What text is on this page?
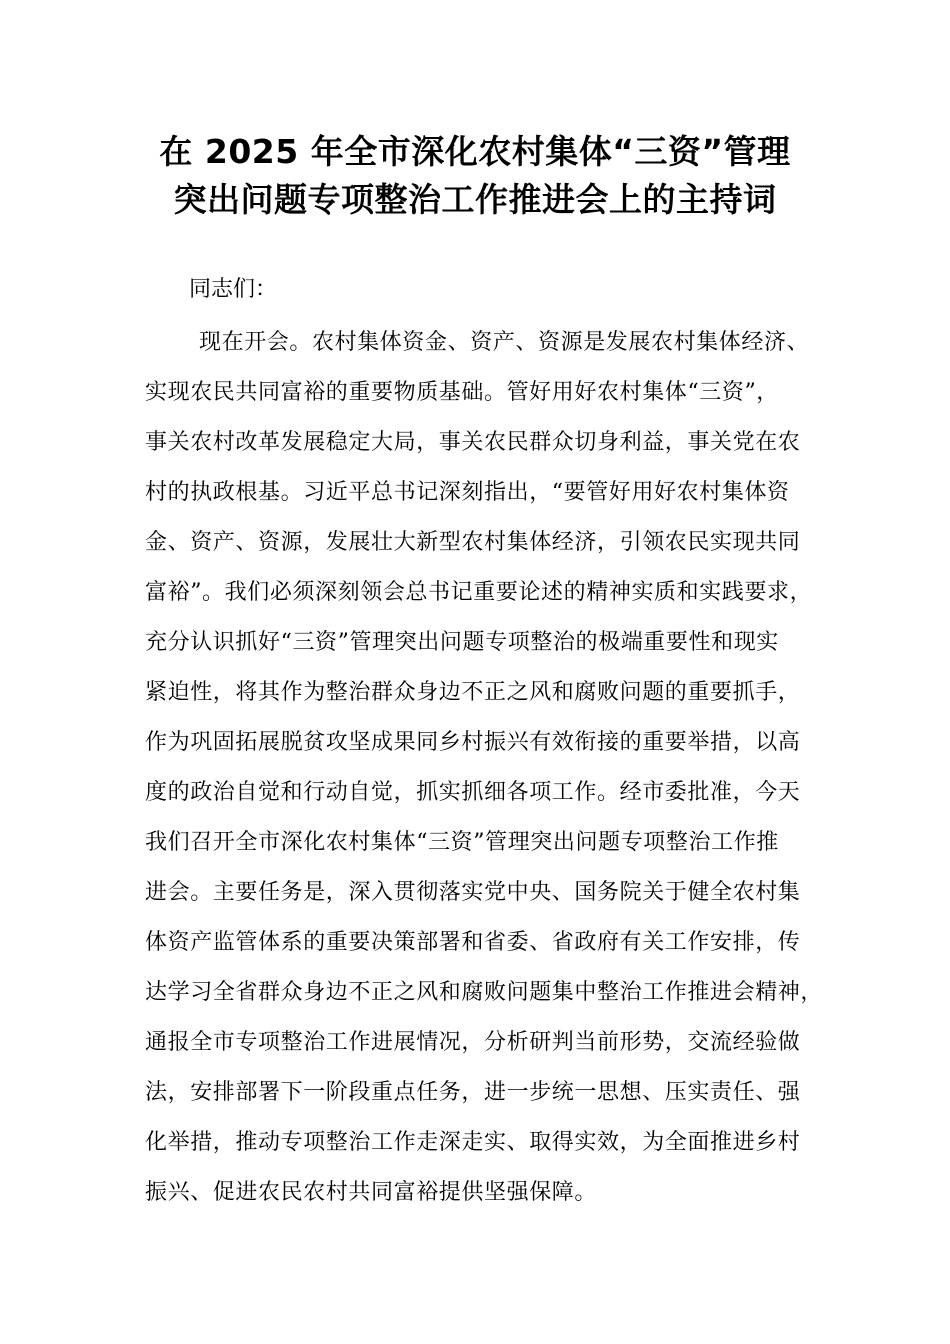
在 2025 年全市深化农村集体“三资”管理
突出问题专项整治工作推进会上的主持词

同志们：

现在开会。农村集体资金、资产、资源是发展农村集体经济、
实现农民共同富裕的重要物质基础。管好用好农村集体“三资”，
事关农村改革发展稳定大局，事关农民群众切身利益，事关党在农
村的执政根基。习近平总书记深刻指出，“要管好用好农村集体资
金、资产、资源，发展壮大新型农村集体经济，引领农民实现共同
富裕”。我们必须深刻领会总书记重要论述的精神实质和实践要求，
充分认识抓好“三资”管理突出问题专项整治的极端重要性和现实
紧迫性，将其作为整治群众身边不正之风和腐败问题的重要抓手，
作为巩固拓展脱贫攻坚成果同乡村振兴有效衔接的重要举措，以高
度的政治自觉和行动自觉，抓实抓细各项工作。经市委批准，今天
我们召开全市深化农村集体“三资”管理突出问题专项整治工作推
进会。主要任务是，深入贯彻落实党中央、国务院关于健全农村集
体资产监管体系的重要决策部署和省委、省政府有关工作安排，传
达学习全省群众身边不正之风和腐败问题集中整治工作推进会精神，
通报全市专项整治工作进展情况，分析研判当前形势，交流经验做
法，安排部署下一阶段重点任务，进一步统一思想、压实责任、强
化举措，推动专项整治工作走深走实、取得实效，为全面推进乡村
振兴、促进农民农村共同富裕提供坚强保障。
